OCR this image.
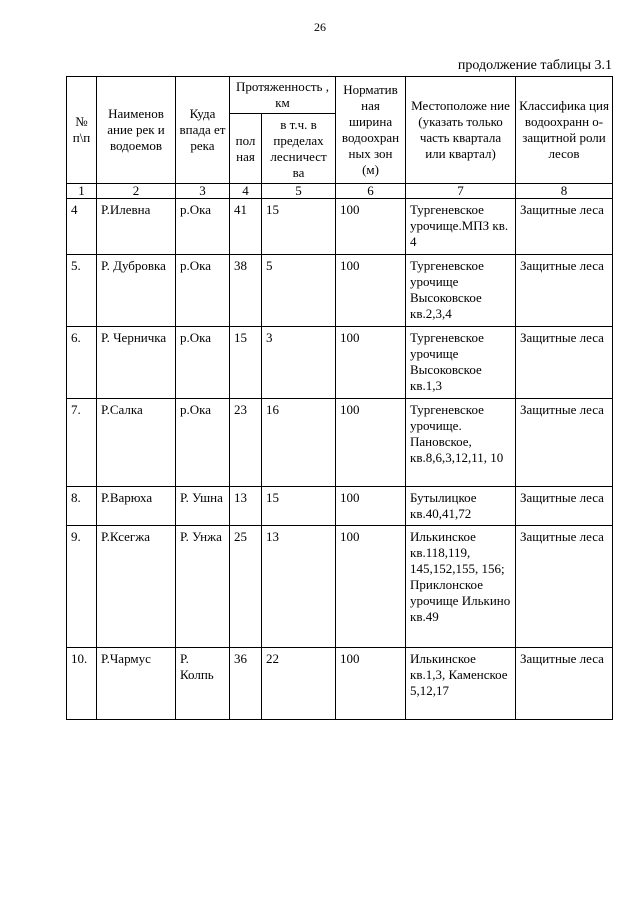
26
продолжение таблицы 3.1
№ п\п	Наименов ание рек и водоемов	Куда впада ет река	Протяженность , км		Норматив ная ширина водоохран ных зон (м)	Местоположе ние (указать только часть квартала или квартал)	Классифика ция водоохранн о-защитной роли лесов
			пол ная	в т.ч. в пределах лесничест ва			
1	2	3	4	5	6	7	8
4	Р.Илевна	р.Ока	41	15	100	Тургеневское урочище.МПЗ кв. 4	Защитные леса
5.	Р. Дубровка	р.Ока	38	5	100	Тургеневское урочище Высоковское кв.2,3,4	Защитные леса
6.	Р. Черничка	р.Ока	15	3	100	Тургеневское урочище Высоковское кв.1,3	Защитные леса
7.	Р.Салка	р.Ока	23	16	100	Тургеневское урочище. Пановское, кв.8,6,3,12,11, 10	Защитные леса
8.	Р.Варюха	Р. Ушна	13	15	100	Бутылицкое кв.40,41,72	Защитные леса
9.	Р.Ксегжа	Р. Унжа	25	13	100	Илькинское кв.118,119, 145,152,155, 156; Приклонское урочище Илькино кв.49	Защитные леса
10.	Р.Чармус	Р. Колпь	36	22	100	Илькинское кв.1,3, Каменское 5,12,17	Защитные леса
